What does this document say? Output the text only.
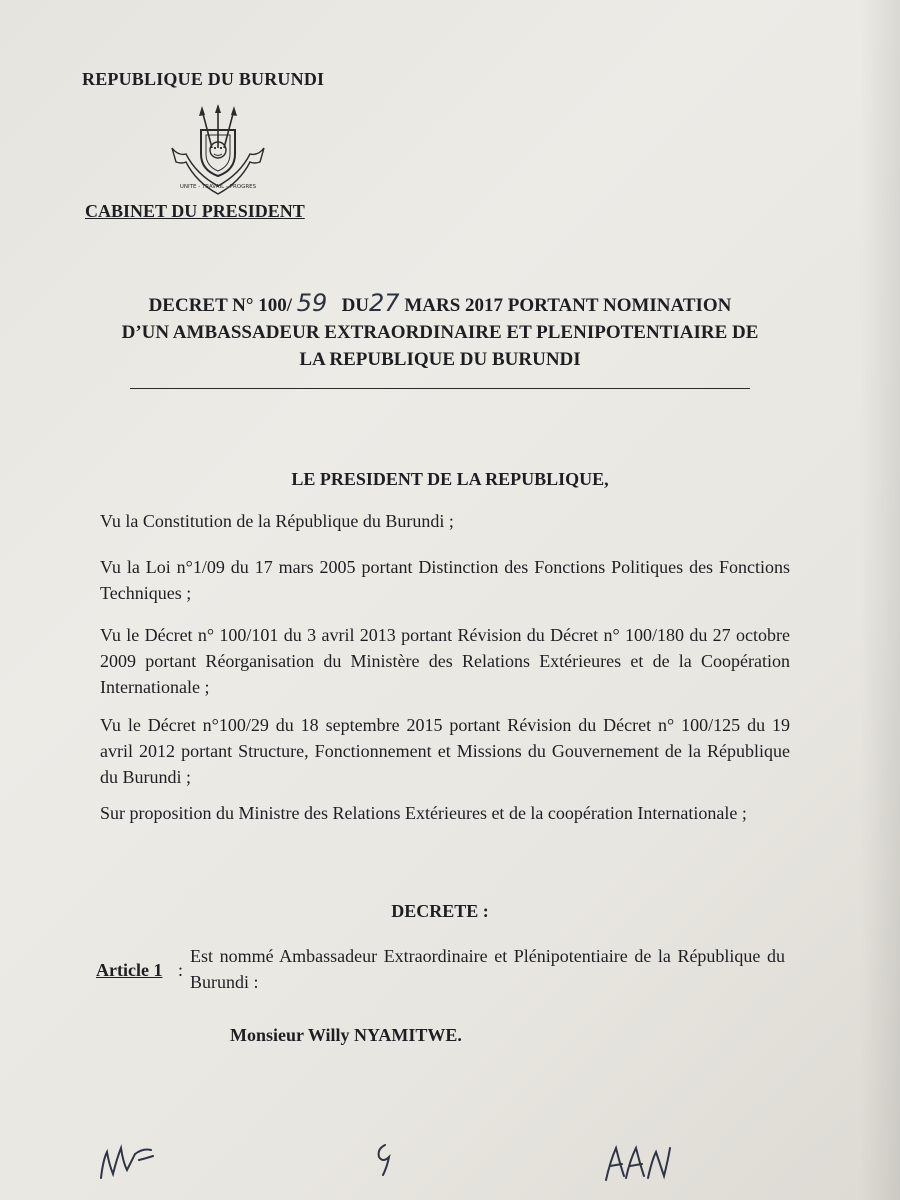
REPUBLIQUE DU BURUNDI
UNITE - TRAVAIL - PROGRES
CABINET DU PRESIDENT
DECRET N° 100/ 59 DU27 MARS 2017 PORTANT NOMINATION
D’UN AMBASSADEUR EXTRAORDINAIRE ET PLENIPOTENTIAIRE DE
LA REPUBLIQUE DU BURUNDI
LE PRESIDENT DE LA REPUBLIQUE,
Vu la Constitution de la République du Burundi ;
Vu la Loi n°1/09 du 17 mars 2005 portant Distinction des Fonctions Politiques des Fonctions Techniques ;
Vu le Décret n° 100/101 du 3 avril 2013 portant Révision du Décret n° 100/180 du 27 octobre 2009 portant Réorganisation du Ministère des Relations Extérieures et de la Coopération Internationale ;
Vu le Décret n°100/29 du 18 septembre 2015 portant Révision du Décret n° 100/125 du 19 avril 2012 portant Structure, Fonctionnement et Missions du Gouvernement de la République du Burundi ;
Sur proposition du Ministre des Relations Extérieures et de la coopération Internationale ;
DECRETE :
Article 1 :
Est nommé Ambassadeur Extraordinaire et Plénipotentiaire de la République du Burundi :
Monsieur Willy NYAMITWE.
